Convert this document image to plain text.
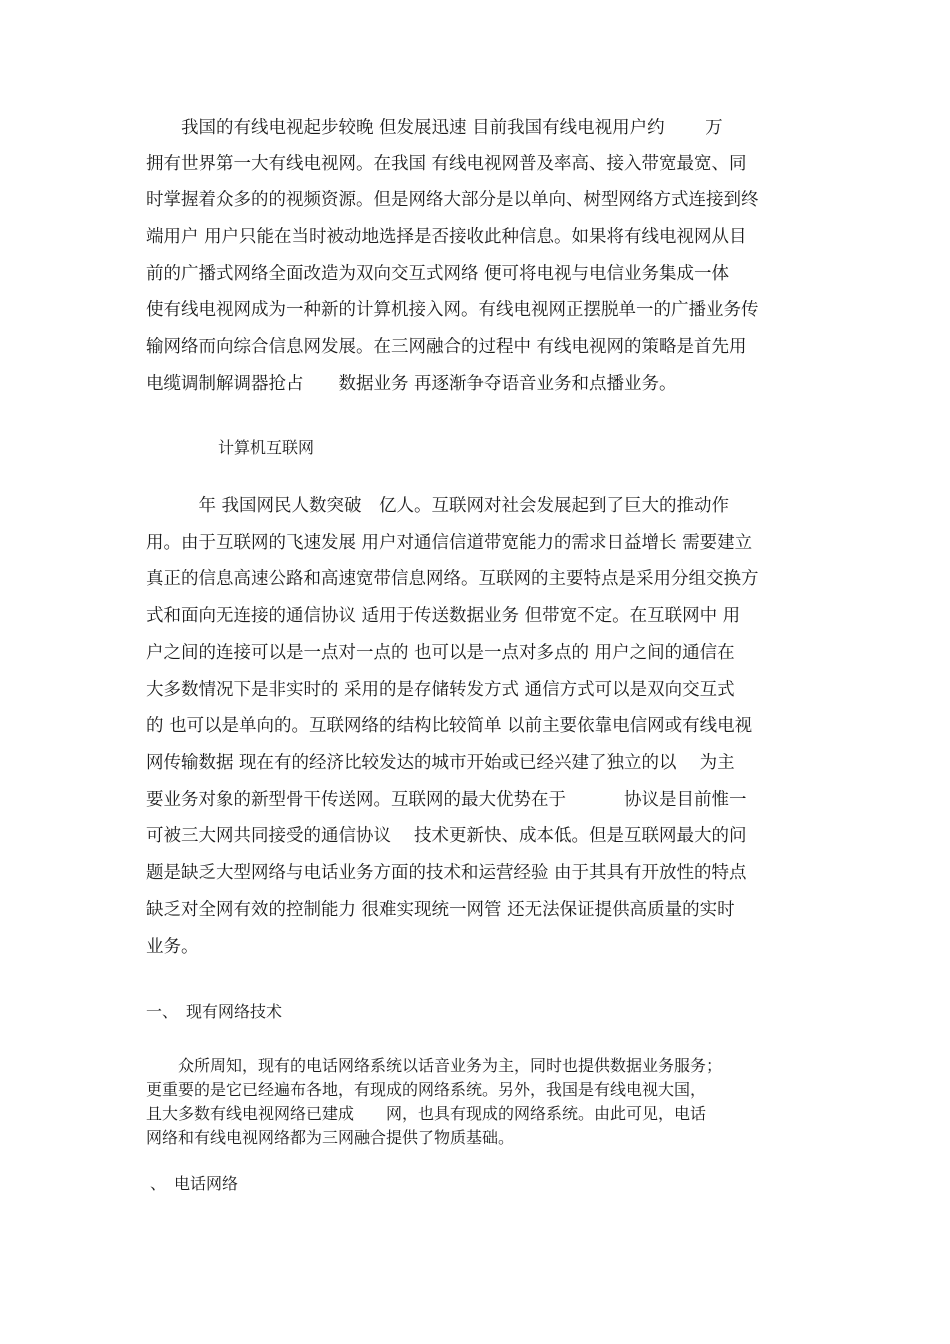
　　我国的有线电视起步较晚 但发展迅速 目前我国有线电视用户约　　 万
拥有世界第一大有线电视网。在我国 有线电视网普及率高、接入带宽最宽、同
时掌握着众多的的视频资源。但是网络大部分是以单向、树型网络方式连接到终
端用户 用户只能在当时被动地选择是否接收此种信息。如果将有线电视网从目
前的广播式网络全面改造为双向交互式网络 便可将电视与电信业务集成一体
使有线电视网成为一种新的计算机接入网。有线电视网正摆脱单一的广播业务传
输网络而向综合信息网发展。在三网融合的过程中 有线电视网的策略是首先用
电缆调制解调器抢占　　数据业务 再逐渐争夺语音业务和点播业务。
计算机互联网
　　　年 我国网民人数突破　亿人。互联网对社会发展起到了巨大的推动作
用。由于互联网的飞速发展 用户对通信信道带宽能力的需求日益增长 需要建立
真正的信息高速公路和高速宽带信息网络。互联网的主要特点是采用分组交换方
式和面向无连接的通信协议 适用于传送数据业务 但带宽不定。在互联网中 用
户之间的连接可以是一点对一点的 也可以是一点对多点的 用户之间的通信在
大多数情况下是非实时的 采用的是存储转发方式 通信方式可以是双向交互式
的 也可以是单向的。互联网络的结构比较简单 以前主要依靠电信网或有线电视
网传输数据 现在有的经济比较发达的城市开始或已经兴建了独立的以　 为主
要业务对象的新型骨干传送网。互联网的最大优势在于　　　 协议是目前惟一
可被三大网共同接受的通信协议　 技术更新快、成本低。但是互联网最大的问
题是缺乏大型网络与电话业务方面的技术和运营经验 由于其具有开放性的特点
缺乏对全网有效的控制能力 很难实现统一网管 还无法保证提供高质量的实时
业务。
一、　现有网络技术
　　众所周知，现有的电话网络系统以话音业务为主，同时也提供数据业务服务；
更重要的是它已经遍布各地，有现成的网络系统。另外，我国是有线电视大国，
且大多数有线电视网络已建成　　网，也具有现成的网络系统。由此可见，电话
网络和有线电视网络都为三网融合提供了物质基础。
、　电话网络
